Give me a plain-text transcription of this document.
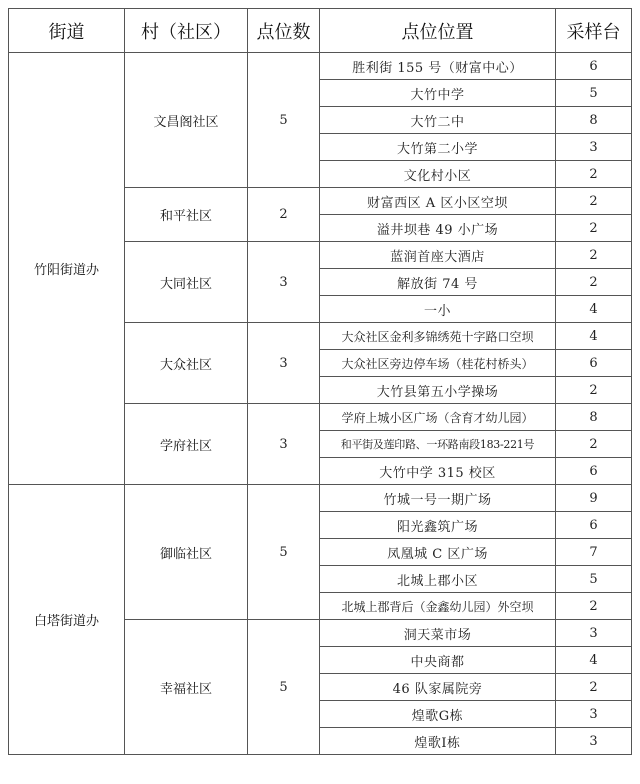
街道	村（社区）	点位数	点位位置	采样台
竹阳街道办	文昌阁社区	5	胜利街 155 号（财富中心）	6
			大竹中学	5
			大竹二中	8
			大竹第二小学	3
			文化村小区	2
	和平社区	2	财富西区 A 区小区空坝	2
			溢井坝巷 49 小广场	2
	大同社区	3	蓝润首座大酒店	2
			解放街 74 号	2
			一小	4
	大众社区	3	大众社区金利多锦绣苑十字路口空坝	4
			大众社区旁边停车场（桂花村桥头）	6
			大竹县第五小学操场	2
	学府社区	3	学府上城小区广场（含育才幼儿园）	8
			和平街及莲印路、一环路南段183-221号	2
			大竹中学 315 校区	6
白塔街道办	御临社区	5	竹城一号一期广场	9
			阳光鑫筑广场	6
			凤凰城 C 区广场	7
			北城上郡小区	5
			北城上郡背后（金鑫幼儿园）外空坝	2
	幸福社区	5	洞天菜市场	3
			中央商都	4
			46 队家属院旁	2
			煌歌G栋	3
			煌歌I栋	3
